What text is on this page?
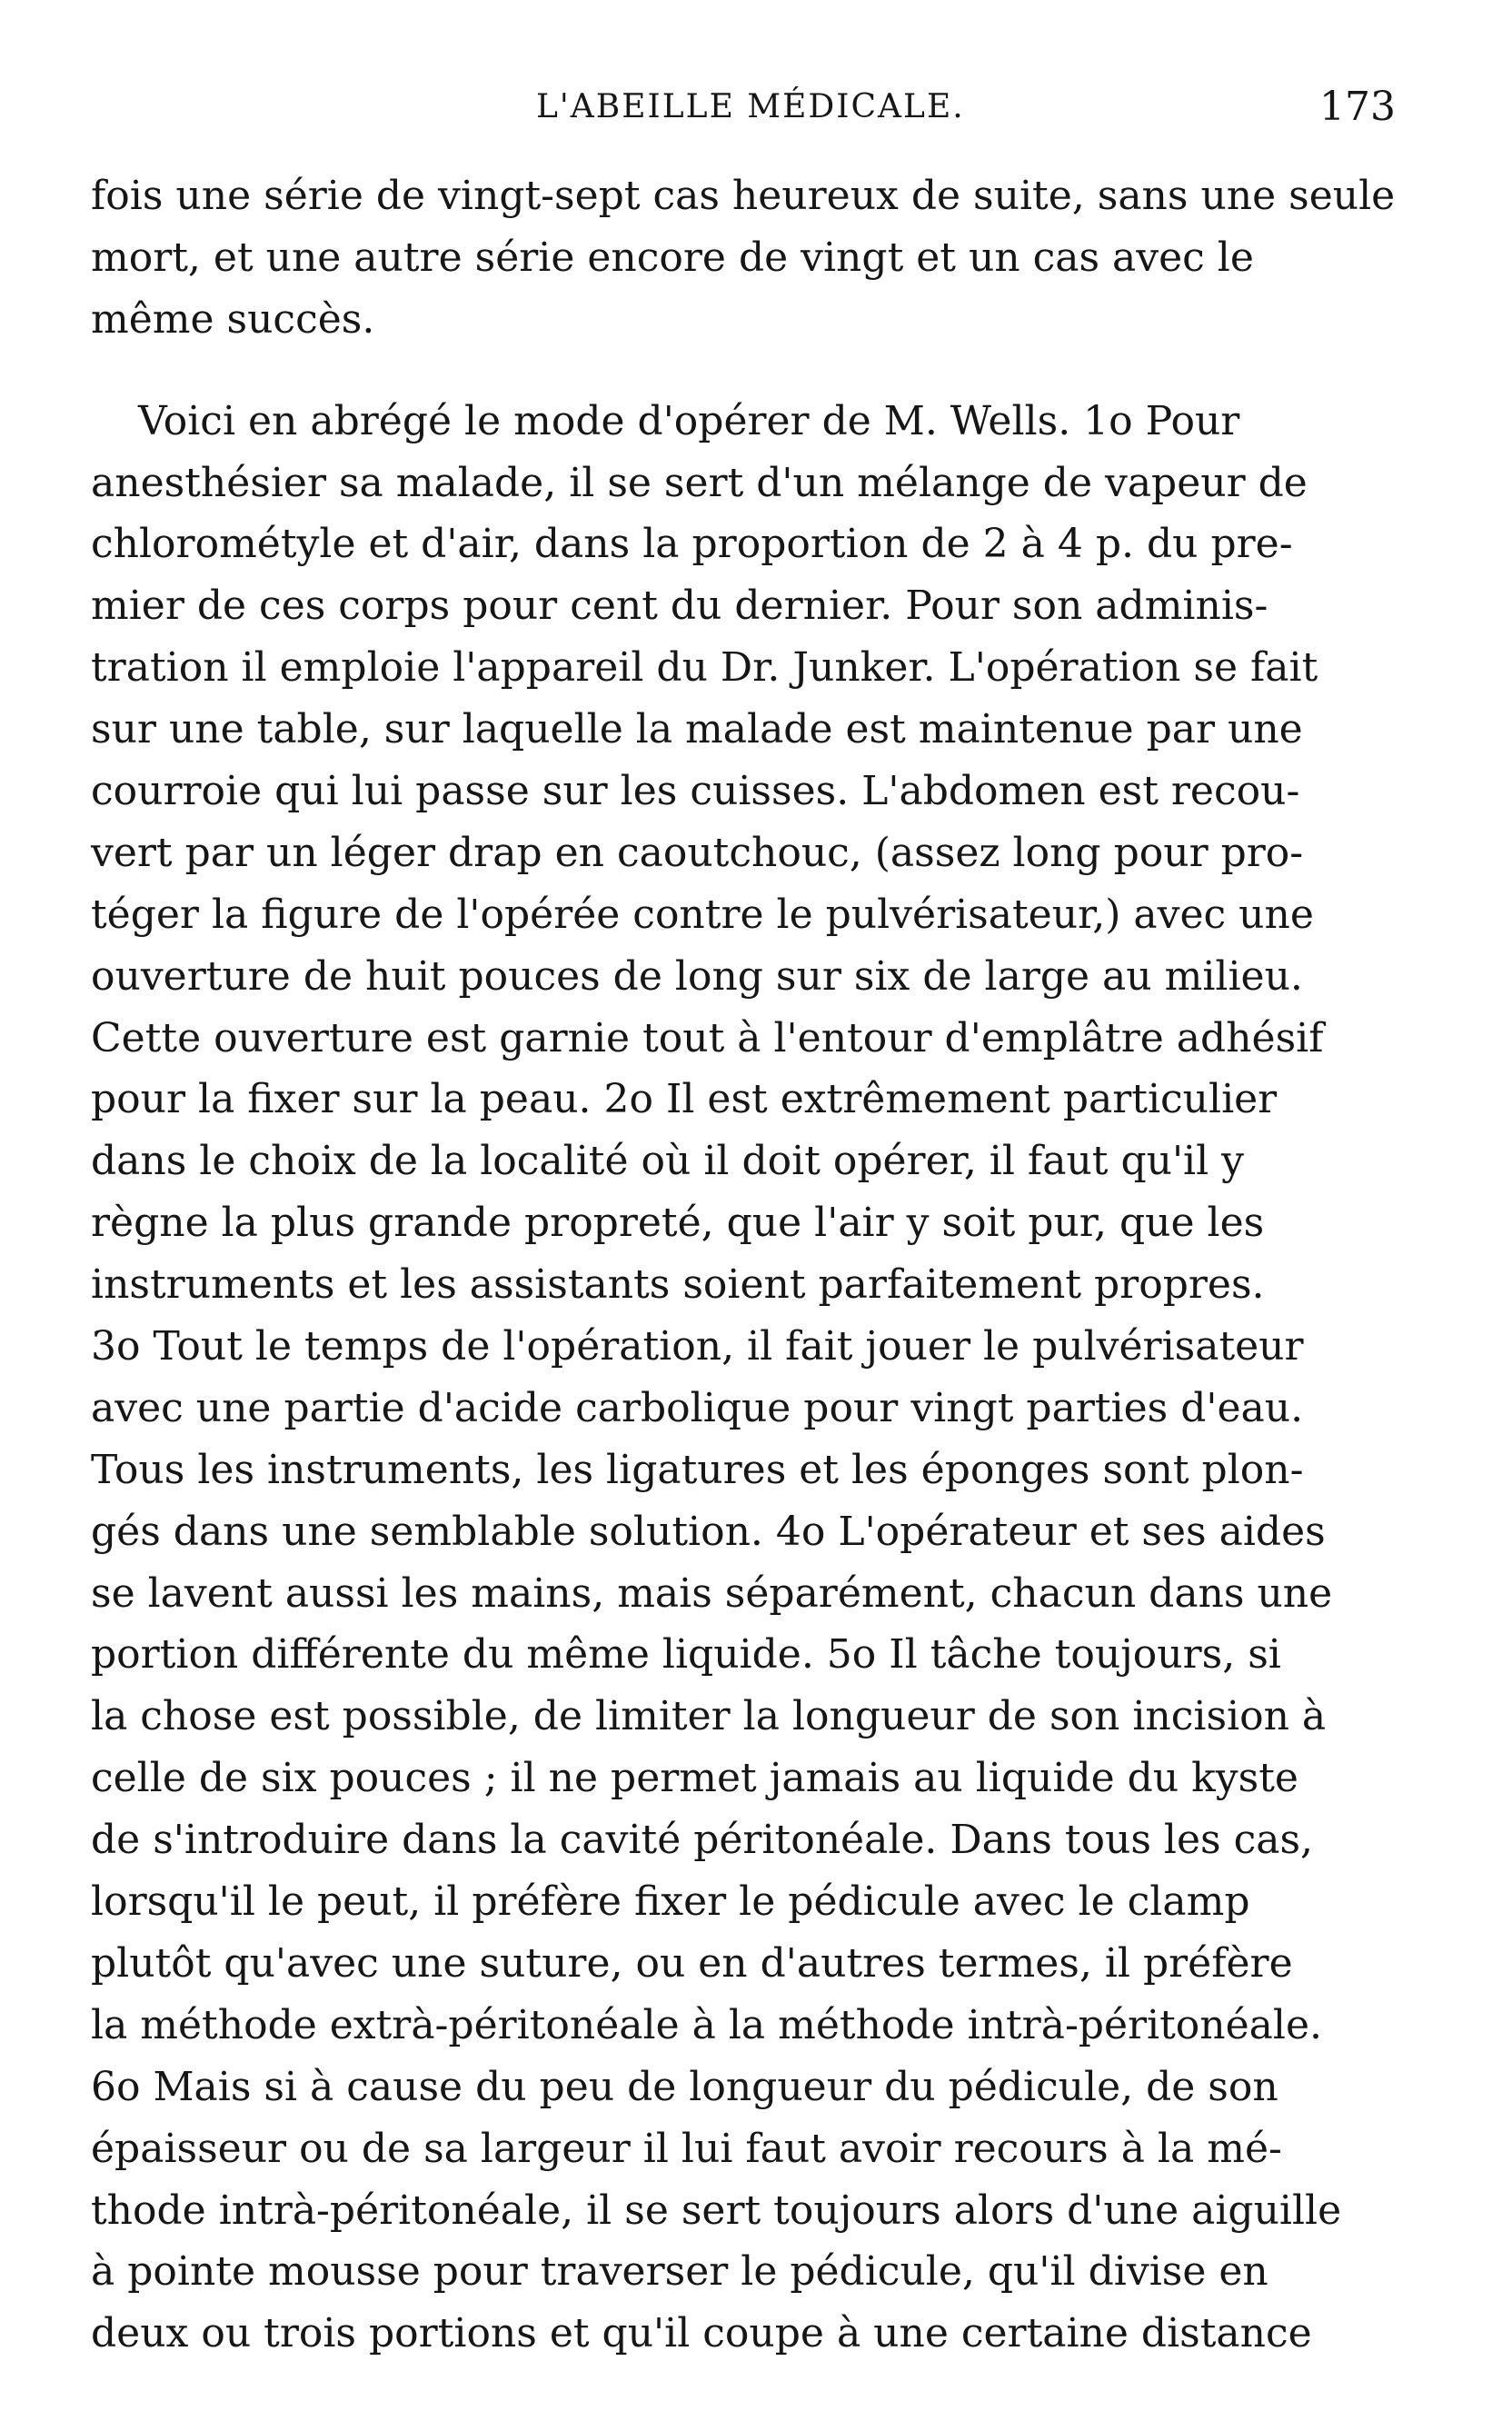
L'ABEILLE MÉDICALE.	173
fois une série de vingt-sept cas heureux de suite, sans une seule
mort, et une autre série encore de vingt et un cas avec le
même succès.
Voici en abrégé le mode d'opérer de M. Wells. 1o Pour
anesthésier sa malade, il se sert d'un mélange de vapeur de
chlorométyle et d'air, dans la proportion de 2 à 4 p. du pre-
mier de ces corps pour cent du dernier. Pour son adminis-
tration il emploie l'appareil du Dr. Junker. L'opération se fait
sur une table, sur laquelle la malade est maintenue par une
courroie qui lui passe sur les cuisses. L'abdomen est recou-
vert par un léger drap en caoutchouc, (assez long pour pro-
téger la figure de l'opérée contre le pulvérisateur,) avec une
ouverture de huit pouces de long sur six de large au milieu.
Cette ouverture est garnie tout à l'entour d'emplâtre adhésif
pour la fixer sur la peau. 2o Il est extrêmement particulier
dans le choix de la localité où il doit opérer, il faut qu'il y
règne la plus grande propreté, que l'air y soit pur, que les
instruments et les assistants soient parfaitement propres.
3o Tout le temps de l'opération, il fait jouer le pulvérisateur
avec une partie d'acide carbolique pour vingt parties d'eau.
Tous les instruments, les ligatures et les éponges sont plon-
gés dans une semblable solution. 4o L'opérateur et ses aides
se lavent aussi les mains, mais séparément, chacun dans une
portion différente du même liquide. 5o Il tâche toujours, si
la chose est possible, de limiter la longueur de son incision à
celle de six pouces ; il ne permet jamais au liquide du kyste
de s'introduire dans la cavité péritonéale. Dans tous les cas,
lorsqu'il le peut, il préfère fixer le pédicule avec le clamp
plutôt qu'avec une suture, ou en d'autres termes, il préfère
la méthode extrà-péritonéale à la méthode intrà-péritonéale.
6o Mais si à cause du peu de longueur du pédicule, de son
épaisseur ou de sa largeur il lui faut avoir recours à la mé-
thode intrà-péritonéale, il se sert toujours alors d'une aiguille
à pointe mousse pour traverser le pédicule, qu'il divise en
deux ou trois portions et qu'il coupe à une certaine distance
